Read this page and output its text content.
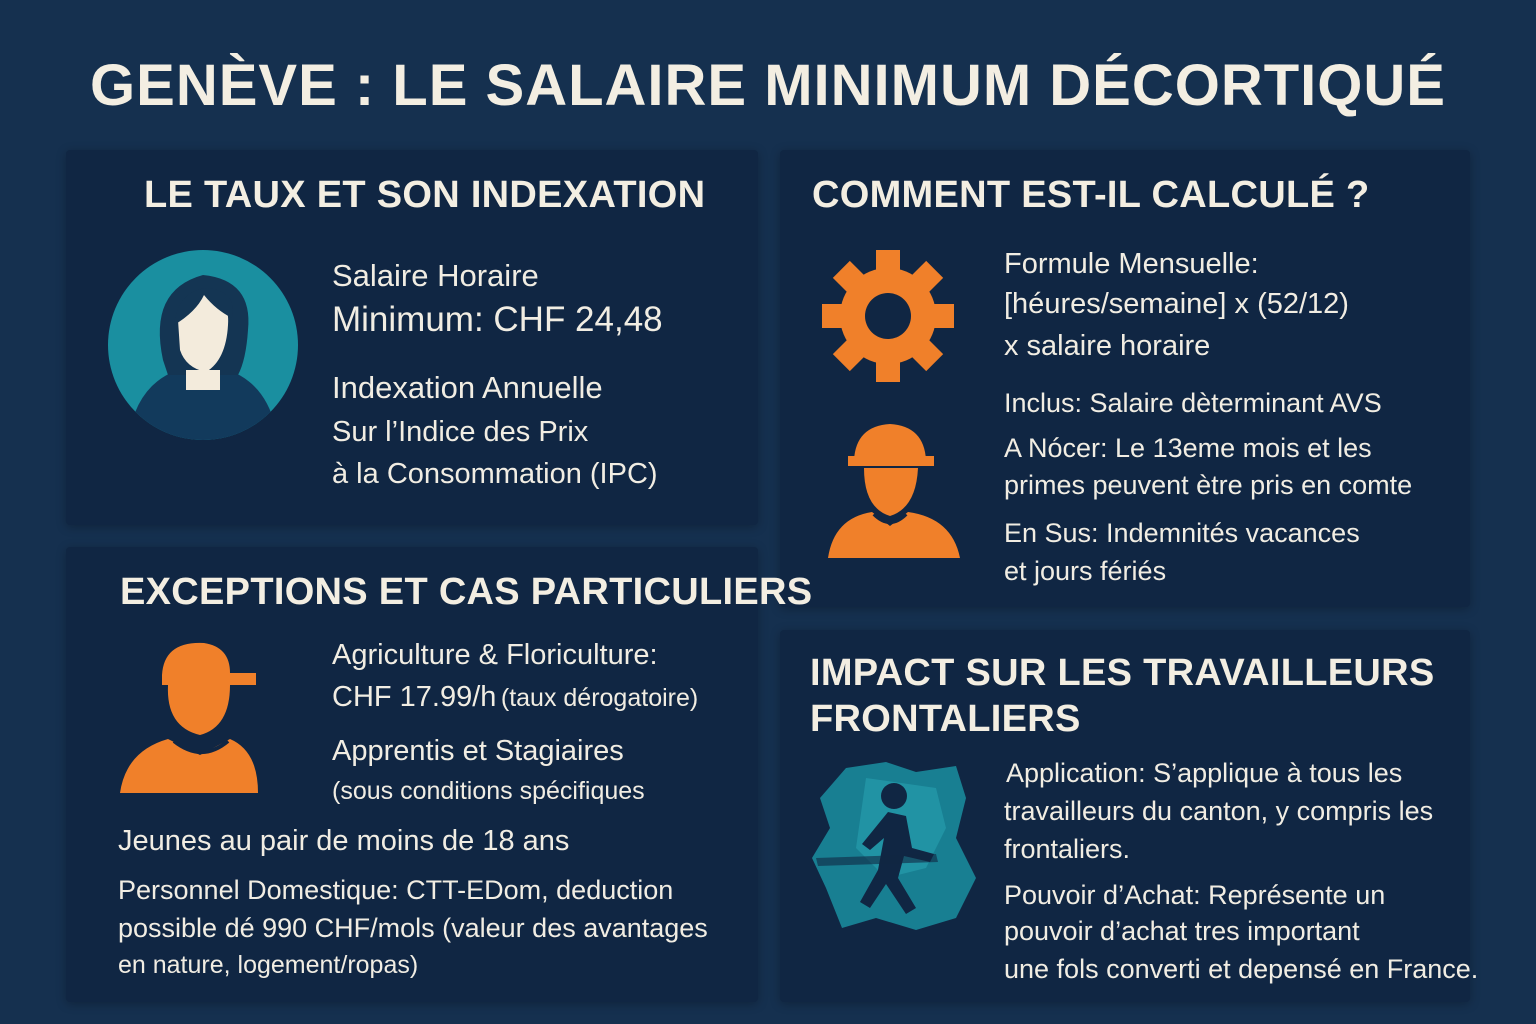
GENÈVE : LE SALAIRE MINIMUM DÉCORTIQUÉ
LE TAUX ET SON INDEXATION
Salaire Horaire
Minimum: CHF 24,48
Indexation Annuelle
Sur l’Indice des Prix
à la Consommation (IPC)
COMMENT EST-IL CALCULÉ ?
Formule Mensuelle:
[héures/semaine] x (52/12)
x salaire horaire
Inclus: Salaire dèterminant AVS
A Nócer: Le 13eme mois et les
primes peuvent ètre pris en comte
En Sus: Indemnités vacances
et jours fériés
EXCEPTIONS ET CAS PARTICULIERS
Agriculture & Floriculture:
CHF 17.99/h (taux dérogatoire)
Apprentis et Stagiaires
(sous conditions spécifiques
Jeunes au pair de moins de 18 ans
Personnel Domestique: CTT-EDom, deduction
possible dé 990 CHF/mols (valeur des avantages
en nature, logement/ropas)
IMPACT SUR LES TRAVAILLEURS
FRONTALIERS
Application: S’applique à tous les
travailleurs du canton, y compris les
frontaliers.
Pouvoir d’Achat: Représente un
pouvoir d’achat tres important
une fols converti et depensé en France.
